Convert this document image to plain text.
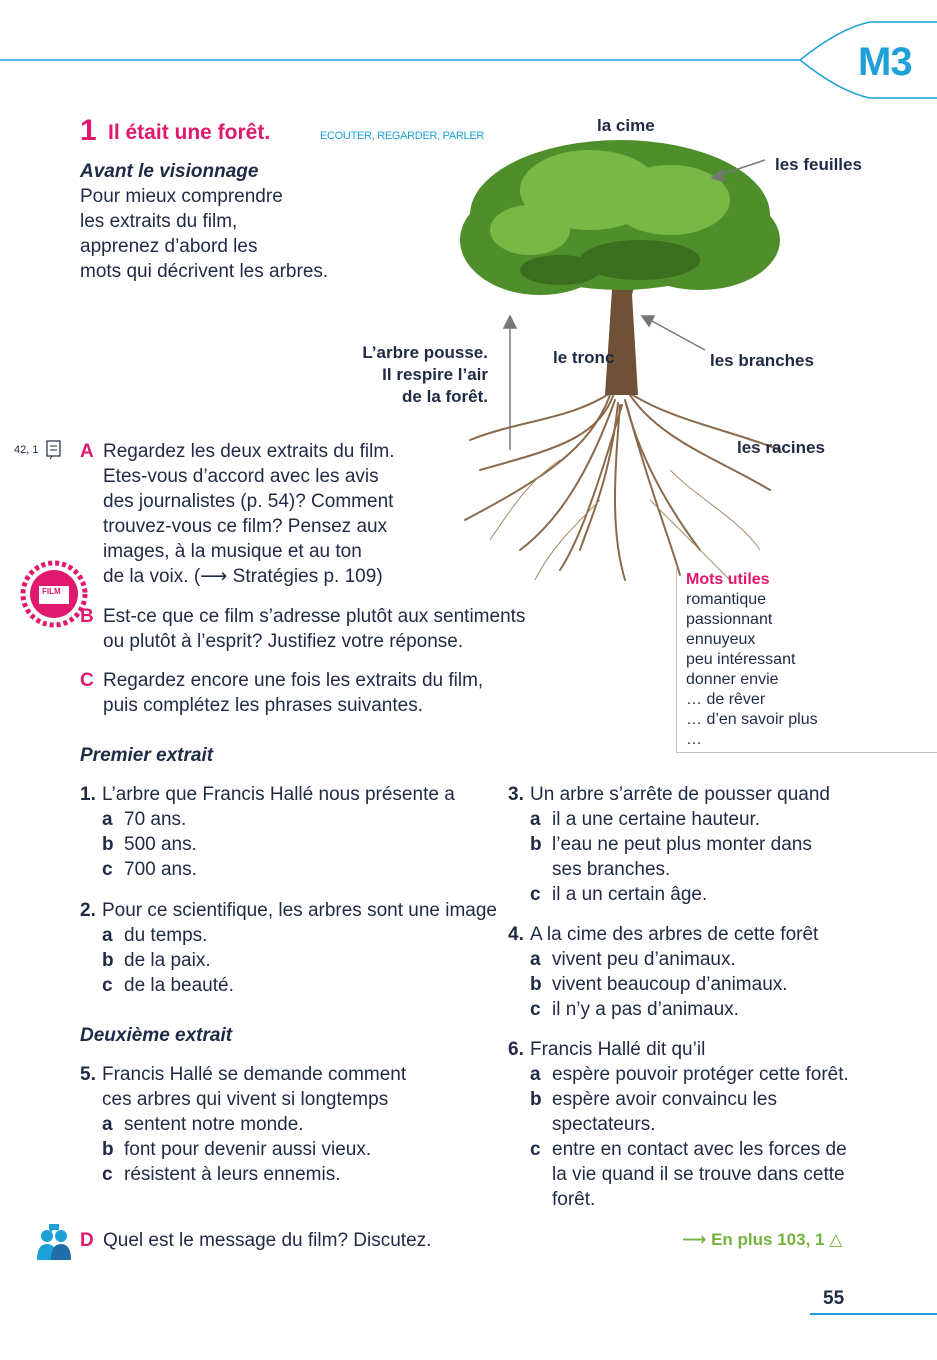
M3
1 Il était une forêt.	ECOUTER, REGARDER, PARLER
Avant le visionnage
Pour mieux comprendre
les extraits du film,
apprenez d’abord les
mots qui décrivent les arbres.
la cime
les feuilles
le tronc	les branches
les racines
L’arbre pousse.
Il respire l’air
de la forêt.
42, 1
FILM
A Regardez les deux extraits du film.
Etes-vous d’accord avec les avis
des journalistes (p. 54)? Comment
trouvez-vous ce film? Pensez aux
images, à la musique et au ton
de la voix. (⟶ Stratégies p. 109)
B Est-ce que ce film s’adresse plutôt aux sentiments
ou plutôt à l’esprit? Justifiez votre réponse.
C Regardez encore une fois les extraits du film,
puis complétez les phrases suivantes.
Mots utiles
romantique
passionnant
ennuyeux
peu intéressant
donner envie
… de rêver
… d’en savoir plus
…
Premier extrait
1. L’arbre que Francis Hallé nous présente a
a 70 ans.
b 500 ans.
c 700 ans.
2. Pour ce scientifique, les arbres sont une image
a du temps.
b de la paix.
c de la beauté.
Deuxième extrait
5. Francis Hallé se demande comment
ces arbres qui vivent si longtemps
a sentent notre monde.
b font pour devenir aussi vieux.
c résistent à leurs ennemis.
3. Un arbre s’arrête de pousser quand
a il a une certaine hauteur.
b l’eau ne peut plus monter dans
ses branches.
c il a un certain âge.
4. A la cime des arbres de cette forêt
a vivent peu d’animaux.
b vivent beaucoup d’animaux.
c il n’y a pas d’animaux.
6. Francis Hallé dit qu’il
a espère pouvoir protéger cette forêt.
b espère avoir convaincu les
spectateurs.
c entre en contact avec les forces de
la vie quand il se trouve dans cette
forêt.
D Quel est le message du film? Discutez.	⟶ En plus 103, 1 △
55
